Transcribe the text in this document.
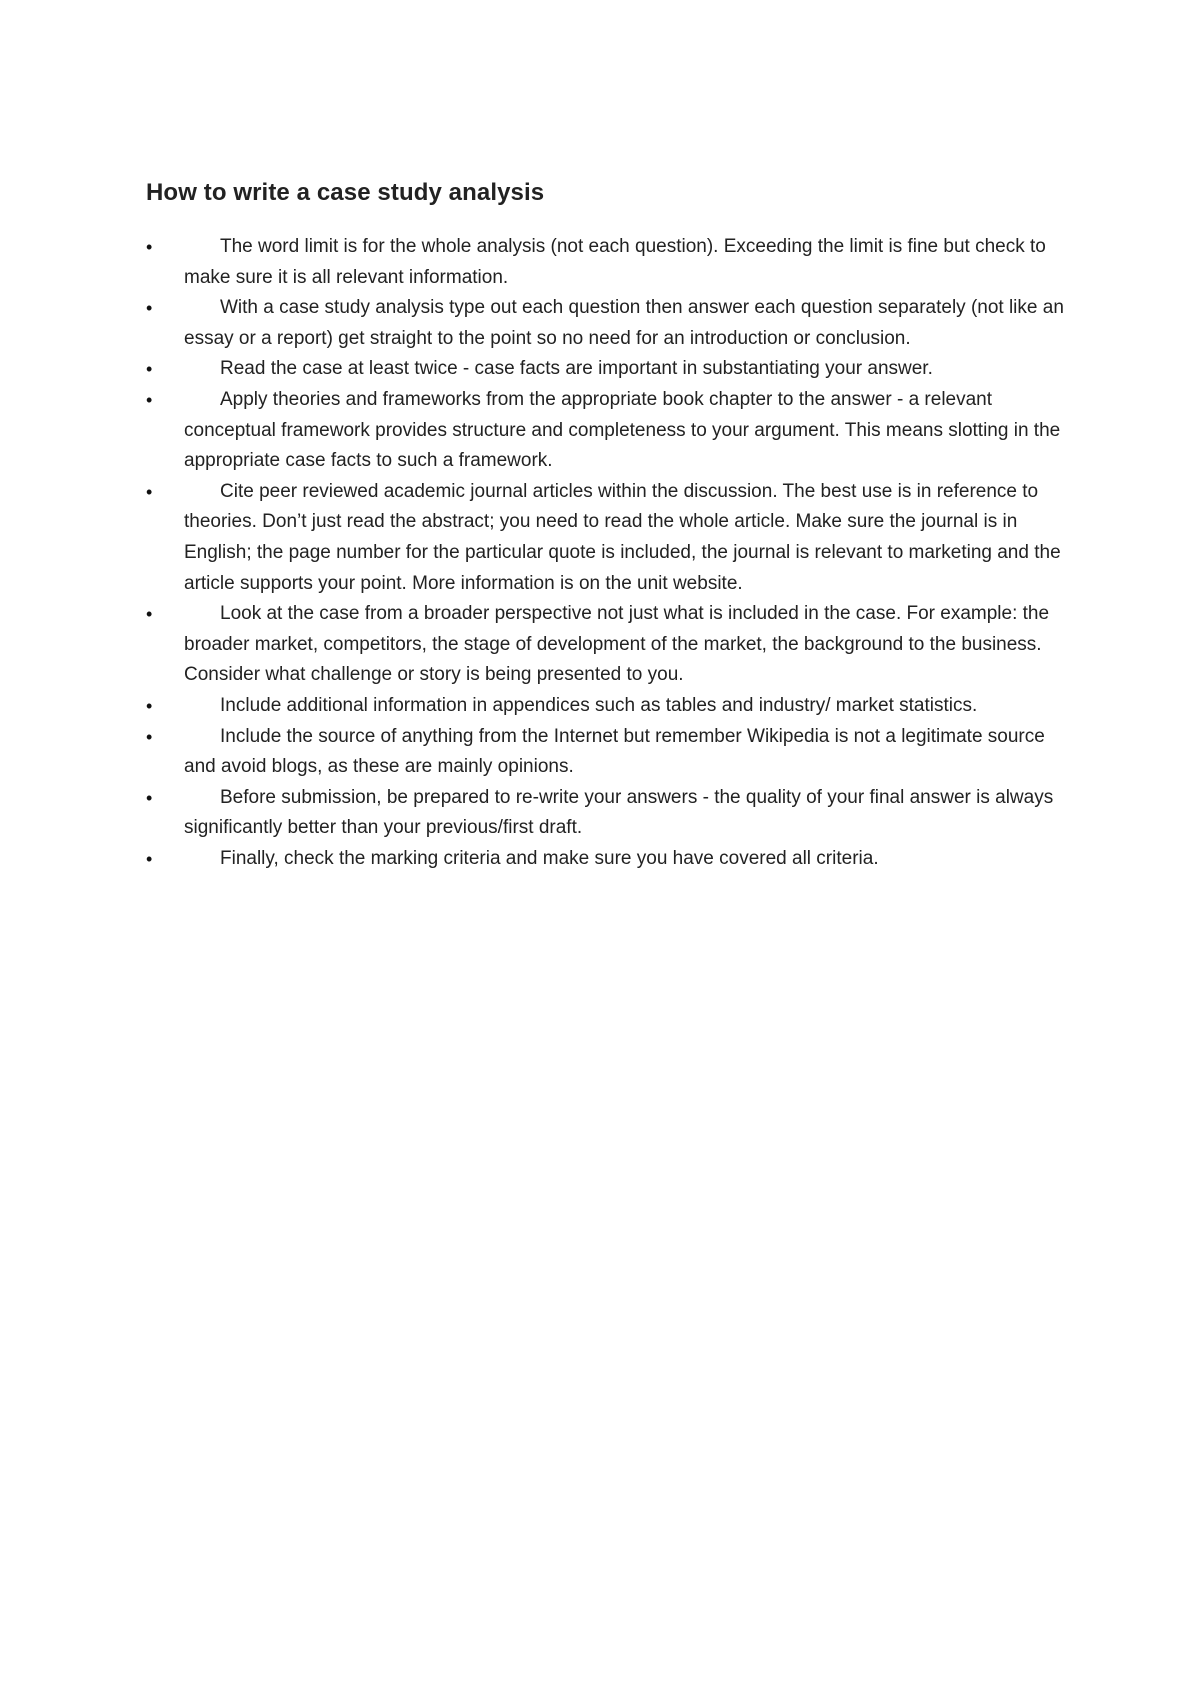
How to write a case study analysis
•	The word limit is for the whole analysis (not each question). Exceeding the limit is fine but check to make sure it is all relevant information.
•	With a case study analysis type out each question then answer each question separately (not like an essay or a report) get straight to the point so no need for an introduction or conclusion.
•	Read the case at least twice - case facts are important in substantiating your answer.
•	Apply theories and frameworks from the appropriate book chapter to the answer - a relevant conceptual framework provides structure and completeness to your argument. This means slotting in the appropriate case facts to such a framework.
•	Cite peer reviewed academic journal articles within the discussion. The best use is in reference to theories. Don’t just read the abstract; you need to read the whole article. Make sure the journal is in English; the page number for the particular quote is included, the journal is relevant to marketing and the article supports your point. More information is on the unit website.
•	Look at the case from a broader perspective not just what is included in the case. For example: the broader market, competitors, the stage of development of the market, the background to the business. Consider what challenge or story is being presented to you.
•	Include additional information in appendices such as tables and industry/ market statistics.
•	Include the source of anything from the Internet but remember Wikipedia is not a legitimate source and avoid blogs, as these are mainly opinions.
•	Before submission, be prepared to re-write your answers - the quality of your final answer is always significantly better than your previous/first draft.
•	Finally, check the marking criteria and make sure you have covered all criteria.
